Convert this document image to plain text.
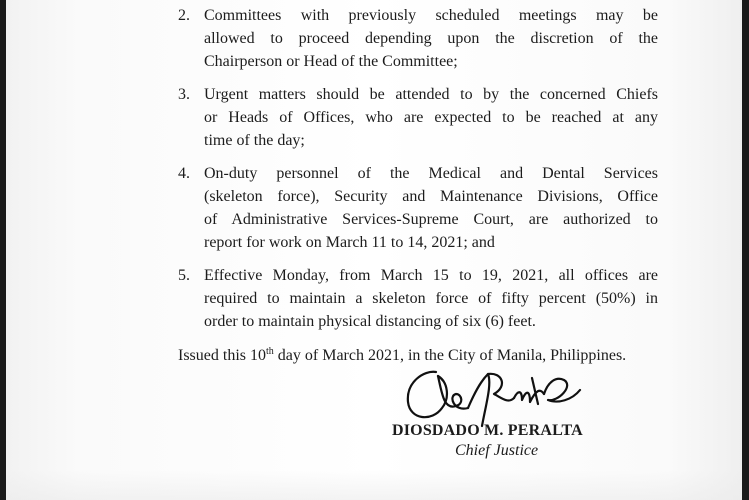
2. Committees with previously scheduled meetings may be
allowed to proceed depending upon the discretion of the
Chairperson or Head of the Committee;
3. Urgent matters should be attended to by the concerned Chiefs
or Heads of Offices, who are expected to be reached at any
time of the day;
4. On-duty personnel of the Medical and Dental Services
(skeleton force), Security and Maintenance Divisions, Office
of Administrative Services-Supreme Court, are authorized to
report for work on March 11 to 14, 2021; and
5. Effective Monday, from March 15 to 19, 2021, all offices are
required to maintain a skeleton force of fifty percent (50%) in
order to maintain physical distancing of six (6) feet.
Issued this 10th day of March 2021, in the City of Manila, Philippines.
DIOSDADO M. PERALTA
Chief Justice
